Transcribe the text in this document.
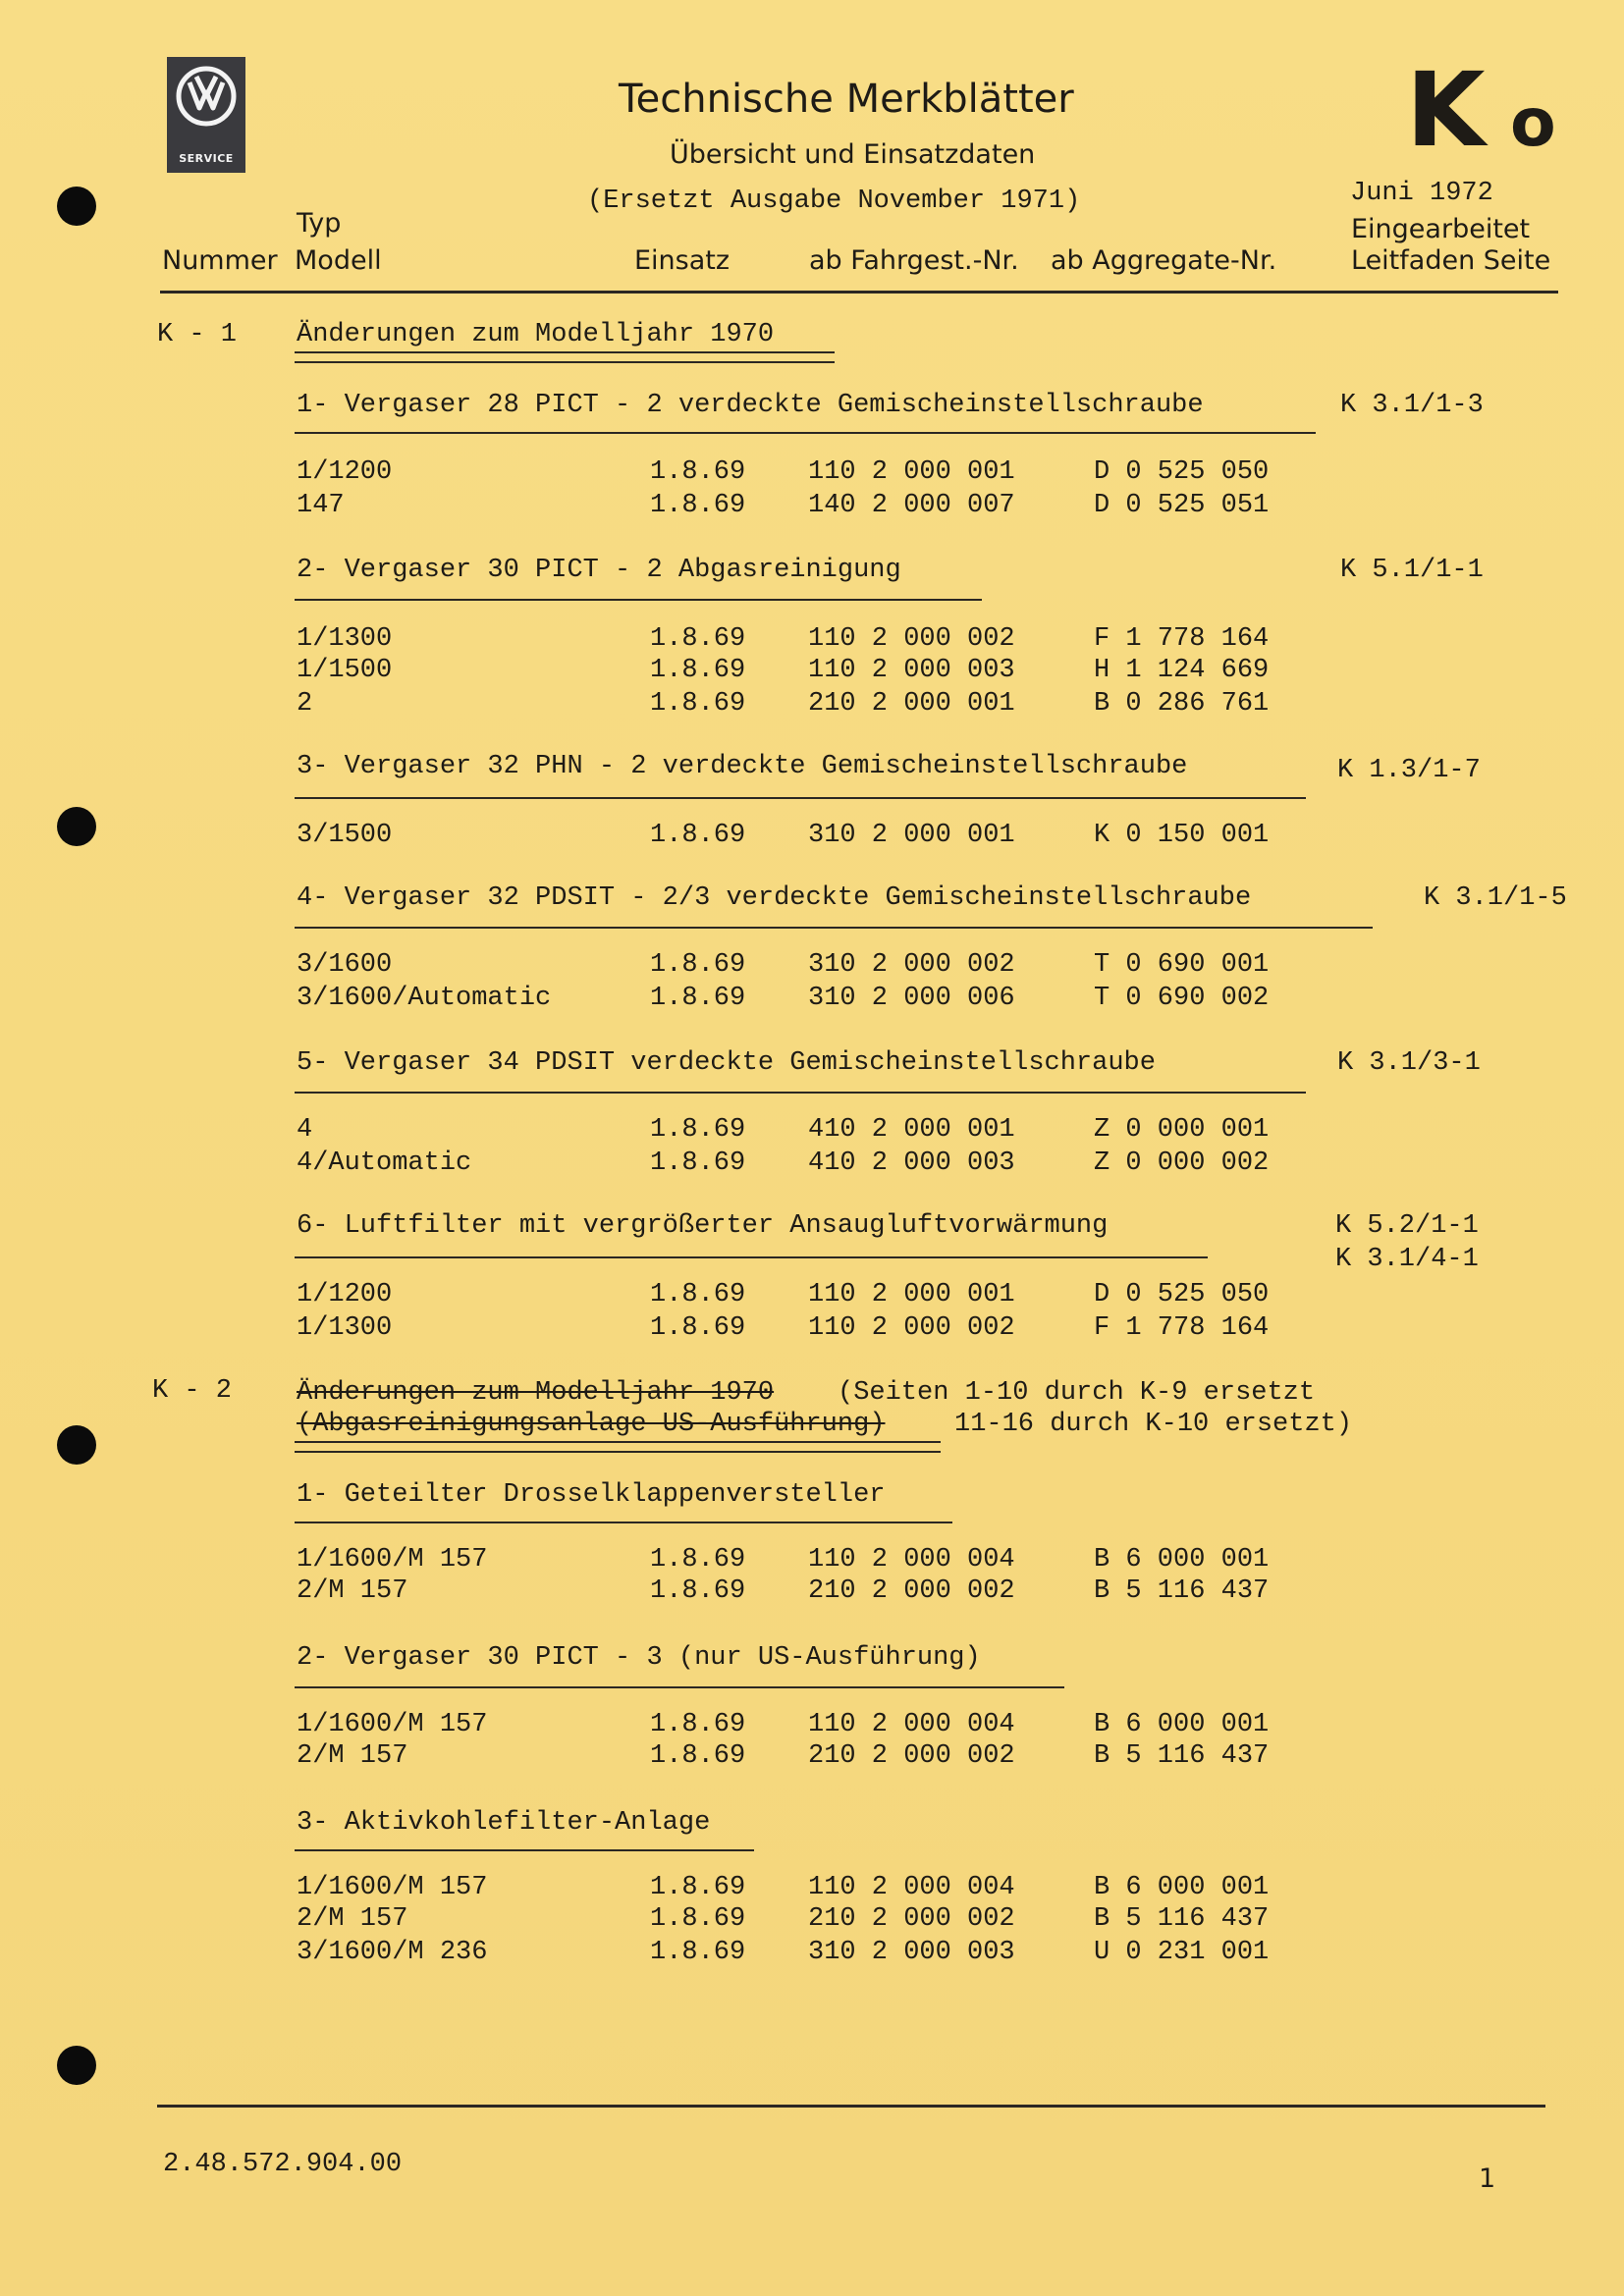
SERVICE
Technische Merkblätter
Übersicht und Einsatzdaten
(Ersetzt Ausgabe November 1971)
K o
Juni 1972
Eingearbeitet
Typ
Nummer Modell	Einsatz	ab Fahrgest.-Nr. ab Aggregate-Nr.	Leitfaden Seite
K - 1 Änderungen zum Modelljahr 1970
1- Vergaser 28 PICT - 2 verdeckte Gemischeinstellschraube	K 3.1/1-3
1/1200	1.8.69 110 2 000 001	D 0 525 050
147	1.8.69 140 2 000 007	D 0 525 051
2- Vergaser 30 PICT - 2 Abgasreinigung	K 5.1/1-1
1/1300	1.8.69 110 2 000 002	F 1 778 164
1/1500	1.8.69 110 2 000 003	H 1 124 669
2	1.8.69 210 2 000 001	B 0 286 761
3- Vergaser 32 PHN - 2 verdeckte Gemischeinstellschraube	K 1.3/1-7
3/1500	1.8.69 310 2 000 001	K 0 150 001
4- Vergaser 32 PDSIT - 2/3 verdeckte Gemischeinstellschraube	K 3.1/1-5
3/1600	1.8.69 310 2 000 002	T 0 690 001
3/1600/Automatic	1.8.69 310 2 000 006	T 0 690 002
5- Vergaser 34 PDSIT verdeckte Gemischeinstellschraube	K 3.1/3-1
4	1.8.69 410 2 000 001	Z 0 000 001
4/Automatic	1.8.69 410 2 000 003	Z 0 000 002
6- Luftfilter mit vergrößerter Ansaugluftvorwärmung	K 5.2/1-1
K 3.1/4-1
1/1200	1.8.69 110 2 000 001	D 0 525 050
1/1300	1.8.69 110 2 000 002	F 1 778 164
K - 2 Änderungen zum Modelljahr 1970 (Seiten 1-10 durch K-9 ersetzt
(Abgasreinigungsanlage US-Ausführung)	11-16 durch K-10 ersetzt)
1- Geteilter Drosselklappenversteller
1/1600/M 157	1.8.69 110 2 000 004	B 6 000 001
2/M 157	1.8.69 210 2 000 002	B 5 116 437
2- Vergaser 30 PICT - 3 (nur US-Ausführung)
1/1600/M 157	1.8.69 110 2 000 004	B 6 000 001
2/M 157	1.8.69 210 2 000 002	B 5 116 437
3- Aktivkohlefilter-Anlage
1/1600/M 157	1.8.69 110 2 000 004	B 6 000 001
2/M 157	1.8.69 210 2 000 002	B 5 116 437
3/1600/M 236	1.8.69 310 2 000 003	U 0 231 001
2.48.572.904.00	1
